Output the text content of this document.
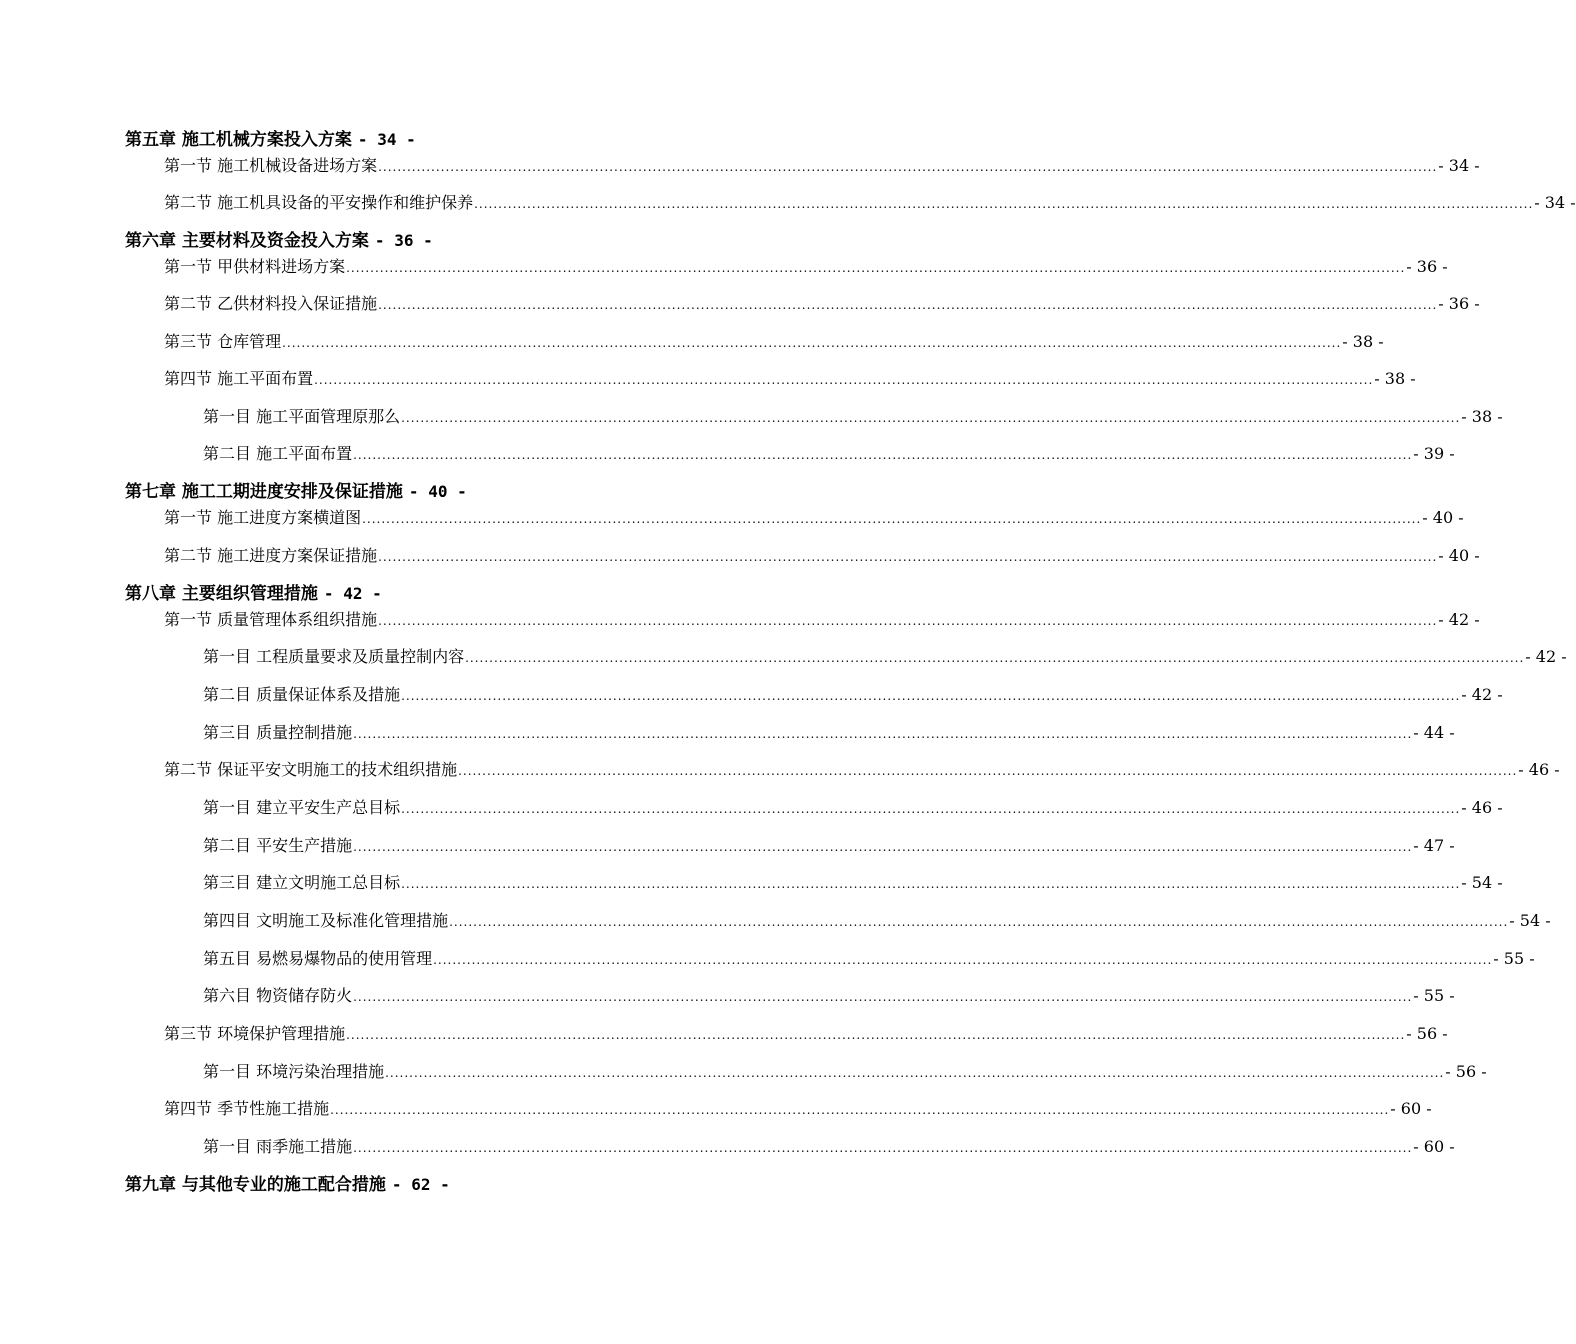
第五章 施工机械方案投入方案 - 34 -
第一节 施工机械设备进场方案 ............................................................................................................................................................................................................................ - 34 -
第二节 施工机具设备的平安操作和维护保养 ............................................................................................................................................................................................................................ - 34 -
第六章 主要材料及资金投入方案 - 36 -
第一节 甲供材料进场方案 ............................................................................................................................................................................................................................ - 36 -
第二节 乙供材料投入保证措施 ............................................................................................................................................................................................................................ - 36 -
第三节 仓库管理 ............................................................................................................................................................................................................................ - 38 -
第四节 施工平面布置 ............................................................................................................................................................................................................................ - 38 -
第一目 施工平面管理原那么 ............................................................................................................................................................................................................................ - 38 -
第二目 施工平面布置 ............................................................................................................................................................................................................................ - 39 -
第七章 施工工期进度安排及保证措施 - 40 -
第一节 施工进度方案横道图 ............................................................................................................................................................................................................................ - 40 -
第二节 施工进度方案保证措施 ............................................................................................................................................................................................................................ - 40 -
第八章 主要组织管理措施 - 42 -
第一节 质量管理体系组织措施 ............................................................................................................................................................................................................................ - 42 -
第一目 工程质量要求及质量控制内容 ............................................................................................................................................................................................................................ - 42 -
第二目 质量保证体系及措施 ............................................................................................................................................................................................................................ - 42 -
第三目 质量控制措施 ............................................................................................................................................................................................................................ - 44 -
第二节 保证平安文明施工的技术组织措施 ............................................................................................................................................................................................................................ - 46 -
第一目 建立平安生产总目标 ............................................................................................................................................................................................................................ - 46 -
第二目 平安生产措施 ............................................................................................................................................................................................................................ - 47 -
第三目 建立文明施工总目标 ............................................................................................................................................................................................................................ - 54 -
第四目 文明施工及标准化管理措施 ............................................................................................................................................................................................................................ - 54 -
第五目 易燃易爆物品的使用管理 ............................................................................................................................................................................................................................ - 55 -
第六目 物资储存防火 ............................................................................................................................................................................................................................ - 55 -
第三节 环境保护管理措施 ............................................................................................................................................................................................................................ - 56 -
第一目 环境污染治理措施 ............................................................................................................................................................................................................................ - 56 -
第四节 季节性施工措施 ............................................................................................................................................................................................................................ - 60 -
第一目 雨季施工措施 ............................................................................................................................................................................................................................ - 60 -
第九章 与其他专业的施工配合措施 - 62 -
